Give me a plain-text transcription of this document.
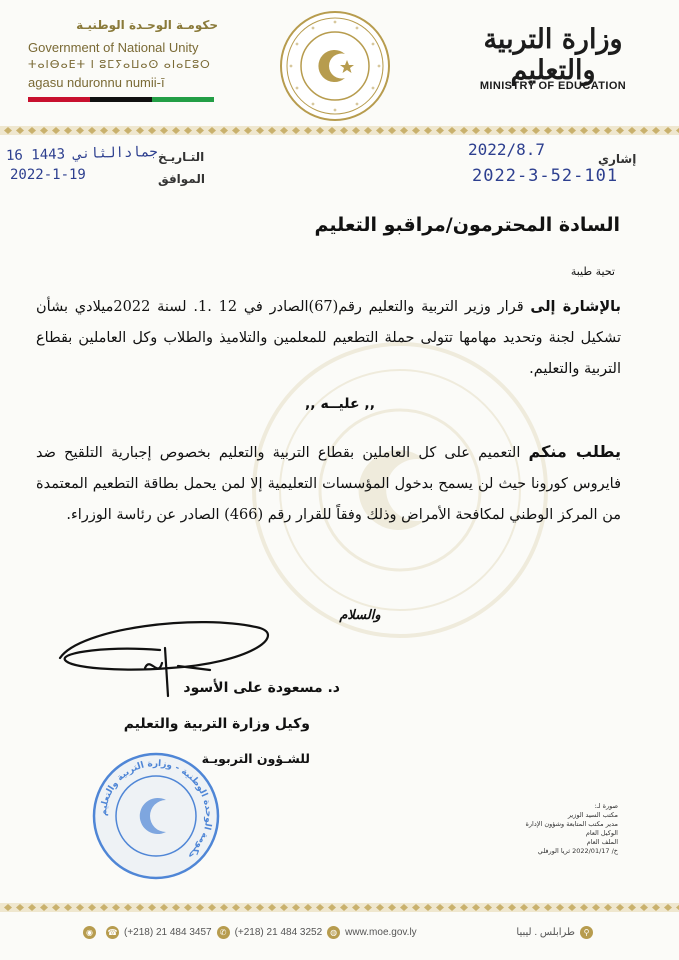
حكومـة الوحـدة الوطنيـة
Government of National Unity
ⵜⴰⵏⴱⴰⴹⵜ ⵏ ⵓⵎⵢⴰⵡⴰⵙ ⴰⵏⴰⵎⵓⵔ
agasu ndurοnnu numii-ī
وزارة التربية والتعليم
MINISTRY OF EDUCATION
16 جمادالثاني 1443 التـاريـخ
2022-1-19	الموافق
2022/8.7	إشاري
2022-3-52-101
السادة المحترمون/مراقبو التعليم
تحية طيبة

بالإشارة إلى قرار وزير التربية والتعليم رقم(67)الصادر في 12 .1. لسنة 2022ميلادي بشأن تشكيل لجنة وتحديد مهامها تتولى حملة التطعيم للمعلمين والتلاميذ والطلاب وكل العاملين بقطاع التربية والتعليم.

,, عليــه ,,

يطلب منكم التعميم على كل العاملين بقطاع التربية والتعليم بخصوص إجبارية التلقيح ضد فايروس كورونا حيث لن يسمح بدخول المؤسسات التعليمية إلا لمن يحمل بطاقة التطعيم المعتمدة من المركز الوطني لمكافحة الأمراض وذلك وفقاً للقرار رقم (466) الصادر عن رئاسة الوزراء.

والسلام
د. مسعودة على الأسود
وكيل وزارة التربية والتعليم
للشـؤون التربويـة
حكومة الوحدة الوطنية - وزارة التربية والتعليم
صورة لـ:
مكتب السيد الوزير
مدير مكتب المتابعة وشؤون الإدارة
الوكيل العام
الملف العام
خ/ 2022/01/17 ثريا الورفلي
◉	☎ (+218) 21 484 3457	✆ (+218) 21 484 3252	◍ www.moe.gov.ly	طرابلس . ليبيا	⚲
